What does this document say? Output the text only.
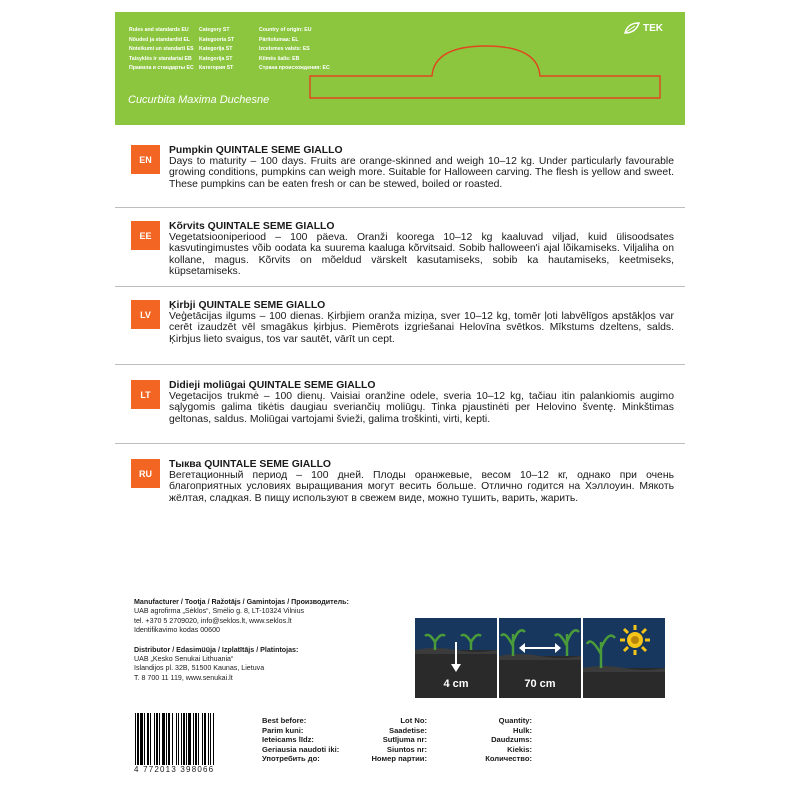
Rules and standards EU	Category ST	Country of origin: EU
Nõuded ja standardid EL	Kategooria ST	Päritolumaa: EL
Noteikumi un standarti ES	Kategorija ST	Izcelsmes valsts: ES
Taisyklės ir standartai EB	Kategorija ST	Kilmės šalis: EB
Правила и стандарты ЕС	Категория ST	Страна происхождения: ЕС
Cucurbita Maxima Duchesne
TEK
EN
Pumpkin QUINTALE SEME GIALLO
Days to maturity – 100 days. Fruits are orange-skinned and weigh 10–12 kg. Under particularly favourable growing conditions, pumpkins can weigh more. Suitable for Halloween carving. The flesh is yellow and sweet. These pumpkins can be eaten fresh or can be stewed, boiled or roasted.
EE
Kõrvits QUINTALE SEME GIALLO
Vegetatsiooniperiood – 100 päeva. Oranži koorega 10–12 kg kaaluvad viljad, kuid ülisoodsates kasvutingimustes võib oodata ka suurema kaaluga kõrvitsaid. Sobib halloween'i ajal lõikamiseks. Viljaliha on kollane, magus. Kõrvits on mõeldud värskelt kasutamiseks, sobib ka hautamiseks, keetmiseks, küpsetamiseks.
LV
Ķirbji QUINTALE SEME GIALLO
Veģetācijas ilgums – 100 dienas. Ķirbjiem oranža miziņa, sver 10–12 kg, tomēr ļoti labvēlīgos apstākļos var cerēt izaudzēt vēl smagākus ķirbjus. Piemērots izgriešanai Helovīna svētkos. Mīkstums dzeltens, salds. Ķirbjus lieto svaigus, tos var sautēt, vārīt un cept.
LT
Didieji moliūgai QUINTALE SEME GIALLO
Vegetacijos trukmė – 100 dienų. Vaisiai oranžine odele, sveria 10–12 kg, tačiau itin palankiomis augimo sąlygomis galima tikėtis daugiau sveriančių moliūgų. Tinka pjaustinėti per Helovino šventę. Minkštimas geltonas, saldus. Moliūgai vartojami švieži, galima troškinti, virti, kepti.
RU
Тыква QUINTALE SEME GIALLO
Вегетационный период – 100 дней. Плоды оранжевые, весом 10–12 кг, однако при очень благоприятных условиях выращивания могут весить больше. Отлично годится на Хэллоуин. Мякоть жёлтая, сладкая. В пищу используют в свежем виде, можно тушить, варить, жарить.
Manufacturer / Tootja / Ražotājs / Gamintojas / Производитель:
UAB agrofirma „Sėklos“, Smėlio g. 8, LT-10324 Vilnius
tel. +370 5 2709020, info@seklos.lt, www.seklos.lt
Identifikavimo kodas 00600
Distributor / Edasimüüja / Izplatītājs / Platintojas:
UAB „Kesko Senukai Lithuania“
Islandijos pl. 32B, 51500 Kaunas, Lietuva
T. 8 700 11 119, www.senukai.lt
4 cm	70 cm
4 772013 398066
Best before:
Parim kuni:
Ieteicams līdz:
Geriausia naudoti iki:
Употребить до:
Lot No:
Saadetise:
Sutījuma nr:
Siuntos nr:
Номер партии:
Quantity:
Hulk:
Daudzums:
Kiekis:
Количество:
